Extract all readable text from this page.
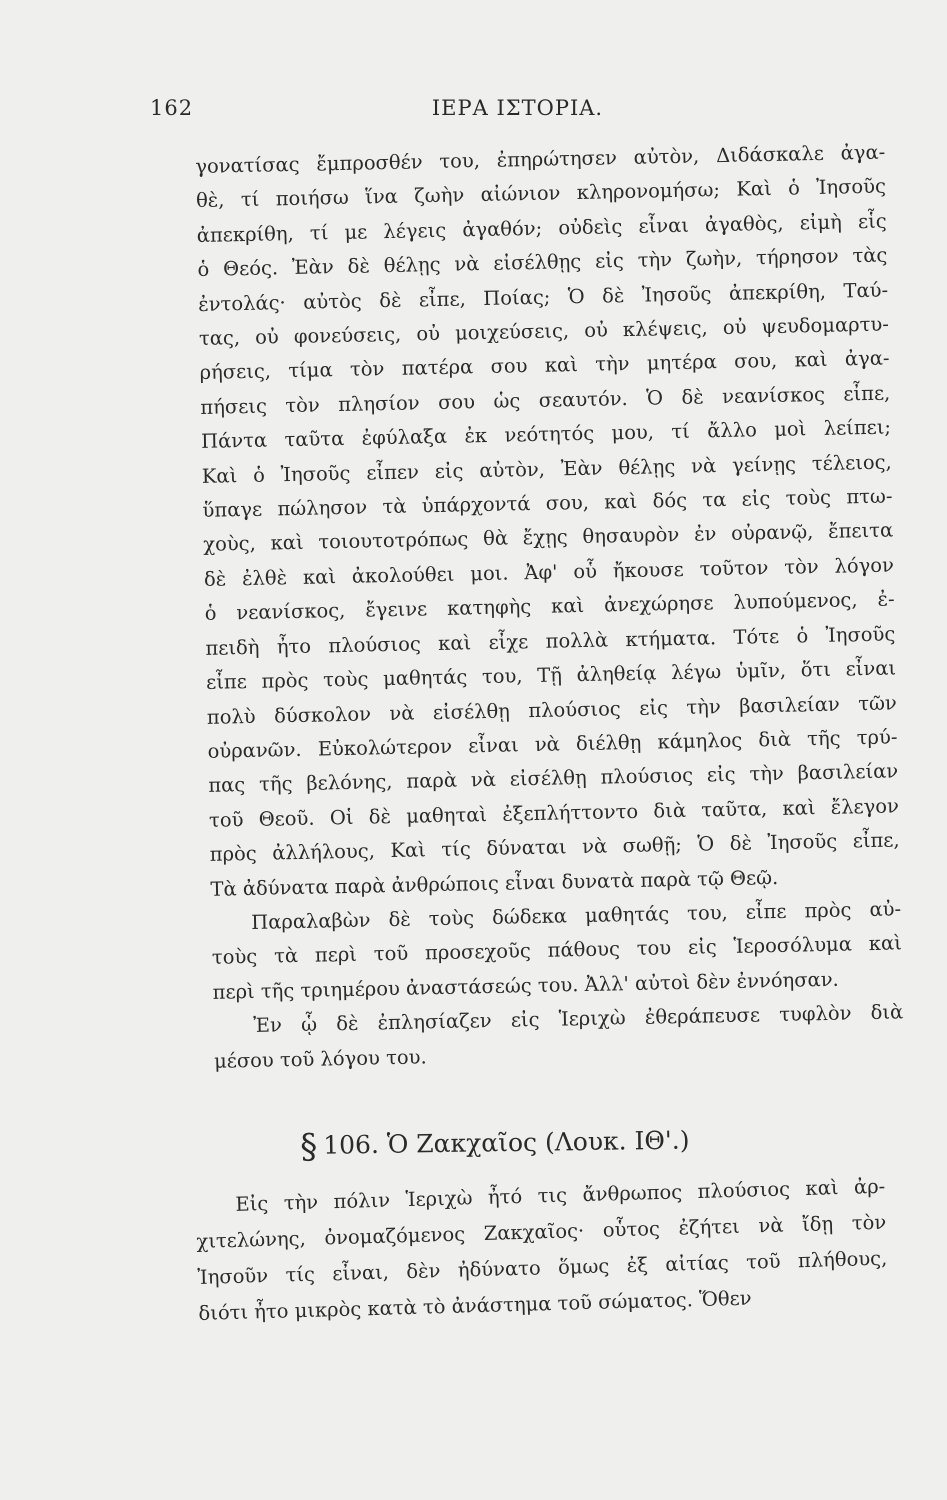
162	ΙΕΡΑ ΙΣΤΟΡΙΑ.
γονατίσας ἔμπροσθέν του, ἐπηρώτησεν αὐτὸν, Διδάσκαλε ἀγα-
θὲ, τί ποιήσω ἵνα ζωὴν αἰώνιον κληρονομήσω; Καὶ ὁ Ἰησοῦς
ἀπεκρίθη, τί με λέγεις ἀγαθόν; οὐδεὶς εἶναι ἀγαθὸς, εἰμὴ εἷς
ὁ Θεός. Ἐὰν δὲ θέλῃς νὰ εἰσέλθῃς εἰς τὴν ζωὴν, τήρησον τὰς
ἐντολάς· αὐτὸς δὲ εἶπε, Ποίας; Ὁ δὲ Ἰησοῦς ἀπεκρίθη, Ταύ-
τας, οὐ φονεύσεις, οὐ μοιχεύσεις, οὐ κλέψεις, οὐ ψευδομαρτυ-
ρήσεις, τίμα τὸν πατέρα σου καὶ τὴν μητέρα σου, καὶ ἀγα-
πήσεις τὸν πλησίον σου ὡς σεαυτόν. Ὁ δὲ νεανίσκος εἶπε,
Πάντα ταῦτα ἐφύλαξα ἐκ νεότητός μου, τί ἄλλο μοὶ λείπει;
Καὶ ὁ Ἰησοῦς εἶπεν εἰς αὐτὸν, Ἐὰν θέλῃς νὰ γείνῃς τέλειος,
ὕπαγε πώλησον τὰ ὑπάρχοντά σου, καὶ δός τα εἰς τοὺς πτω-
χοὺς, καὶ τοιουτοτρόπως θὰ ἔχῃς θησαυρὸν ἐν οὐρανῷ, ἔπειτα
δὲ ἐλθὲ καὶ ἀκολούθει μοι. Ἀφ' οὗ ἤκουσε τοῦτον τὸν λόγον
ὁ νεανίσκος, ἔγεινε κατηφὴς καὶ ἀνεχώρησε λυπούμενος, ἐ-
πειδὴ ἦτο πλούσιος καὶ εἶχε πολλὰ κτήματα. Τότε ὁ Ἰησοῦς
εἶπε πρὸς τοὺς μαθητάς του, Τῇ ἀληθείᾳ λέγω ὑμῖν, ὅτι εἶναι
πολὺ δύσκολον νὰ εἰσέλθῃ πλούσιος εἰς τὴν βασιλείαν τῶν
οὐρανῶν. Εὐκολώτερον εἶναι νὰ διέλθῃ κάμηλος διὰ τῆς τρύ-
πας τῆς βελόνης, παρὰ νὰ εἰσέλθῃ πλούσιος εἰς τὴν βασιλείαν
τοῦ Θεοῦ. Οἱ δὲ μαθηταὶ ἐξεπλήττοντο διὰ ταῦτα, καὶ ἔλεγον
πρὸς ἀλλήλους, Καὶ τίς δύναται νὰ σωθῇ; Ὁ δὲ Ἰησοῦς εἶπε,
Τὰ ἀδύνατα παρὰ ἀνθρώποις εἶναι δυνατὰ παρὰ τῷ Θεῷ.
Παραλαβὼν δὲ τοὺς δώδεκα μαθητάς του, εἶπε πρὸς αὐ-
τοὺς τὰ περὶ τοῦ προσεχοῦς πάθους του εἰς Ἱεροσόλυμα καὶ
περὶ τῆς τριημέρου ἀναστάσεώς του. Ἀλλ' αὐτοὶ δὲν ἐννόησαν.
Ἐν ᾧ δὲ ἐπλησίαζεν εἰς Ἱεριχὼ ἐθεράπευσε τυφλὸν διὰ
μέσου τοῦ λόγου του.
§ 106. Ὁ Ζακχαῖος (Λουκ. ΙΘ'.)
Εἰς τὴν πόλιν Ἱεριχὼ ἦτό τις ἄνθρωπος πλούσιος καὶ ἀρ-
χιτελώνης, ὀνομαζόμενος Ζακχαῖος· οὗτος ἐζήτει νὰ ἴδῃ τὸν
Ἰησοῦν τίς εἶναι, δὲν ἠδύνατο ὅμως ἐξ αἰτίας τοῦ πλήθους,
διότι ἦτο μικρὸς κατὰ τὸ ἀνάστημα τοῦ σώματος. Ὅθεν
